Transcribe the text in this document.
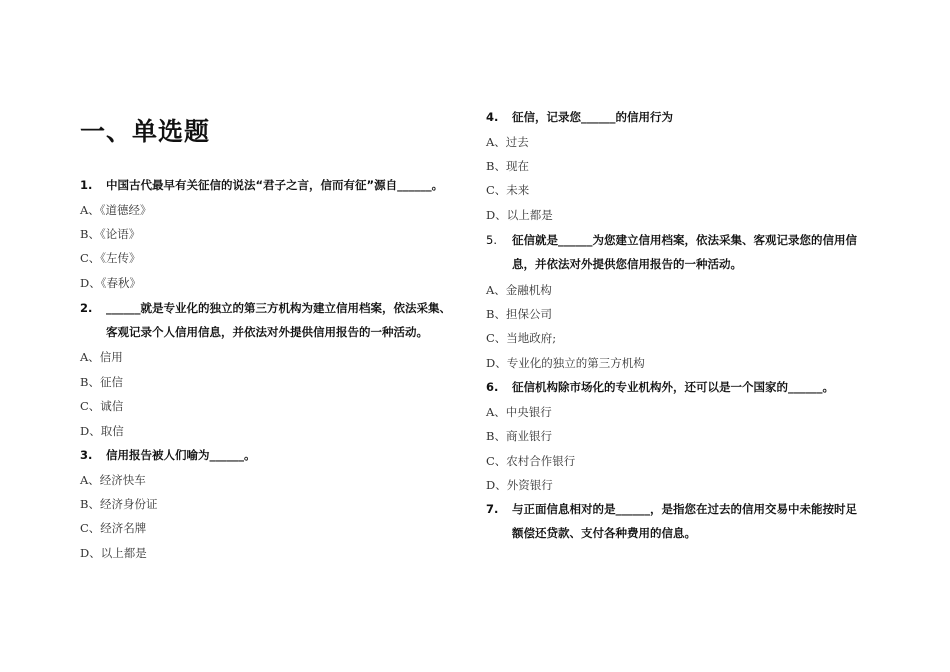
一、单选题
1. 中国古代最早有关征信的说法“君子之言，信而有征”源自______。
A、《道德经》
B、《论语》
C、《左传》
D、《春秋》
2. ______就是专业化的独立的第三方机构为建立信用档案，依法采集、
客观记录个人信用信息，并依法对外提供信用报告的一种活动。
A、信用
B、征信
C、诚信
D、取信
3. 信用报告被人们喻为______。
A、经济快车
B、经济身份证
C、经济名牌
D、以上都是
4. 征信，记录您______的信用行为
A、过去
B、现在
C、未来
D、以上都是
5. 征信就是______为您建立信用档案，依法采集、客观记录您的信用信
息，并依法对外提供您信用报告的一种活动。
A、金融机构
B、担保公司
C、当地政府;
D、专业化的独立的第三方机构
6. 征信机构除市场化的专业机构外，还可以是一个国家的______。
A、中央银行
B、商业银行
C、农村合作银行
D、外资银行
7. 与正面信息相对的是______，是指您在过去的信用交易中未能按时足
额偿还贷款、支付各种费用的信息。
